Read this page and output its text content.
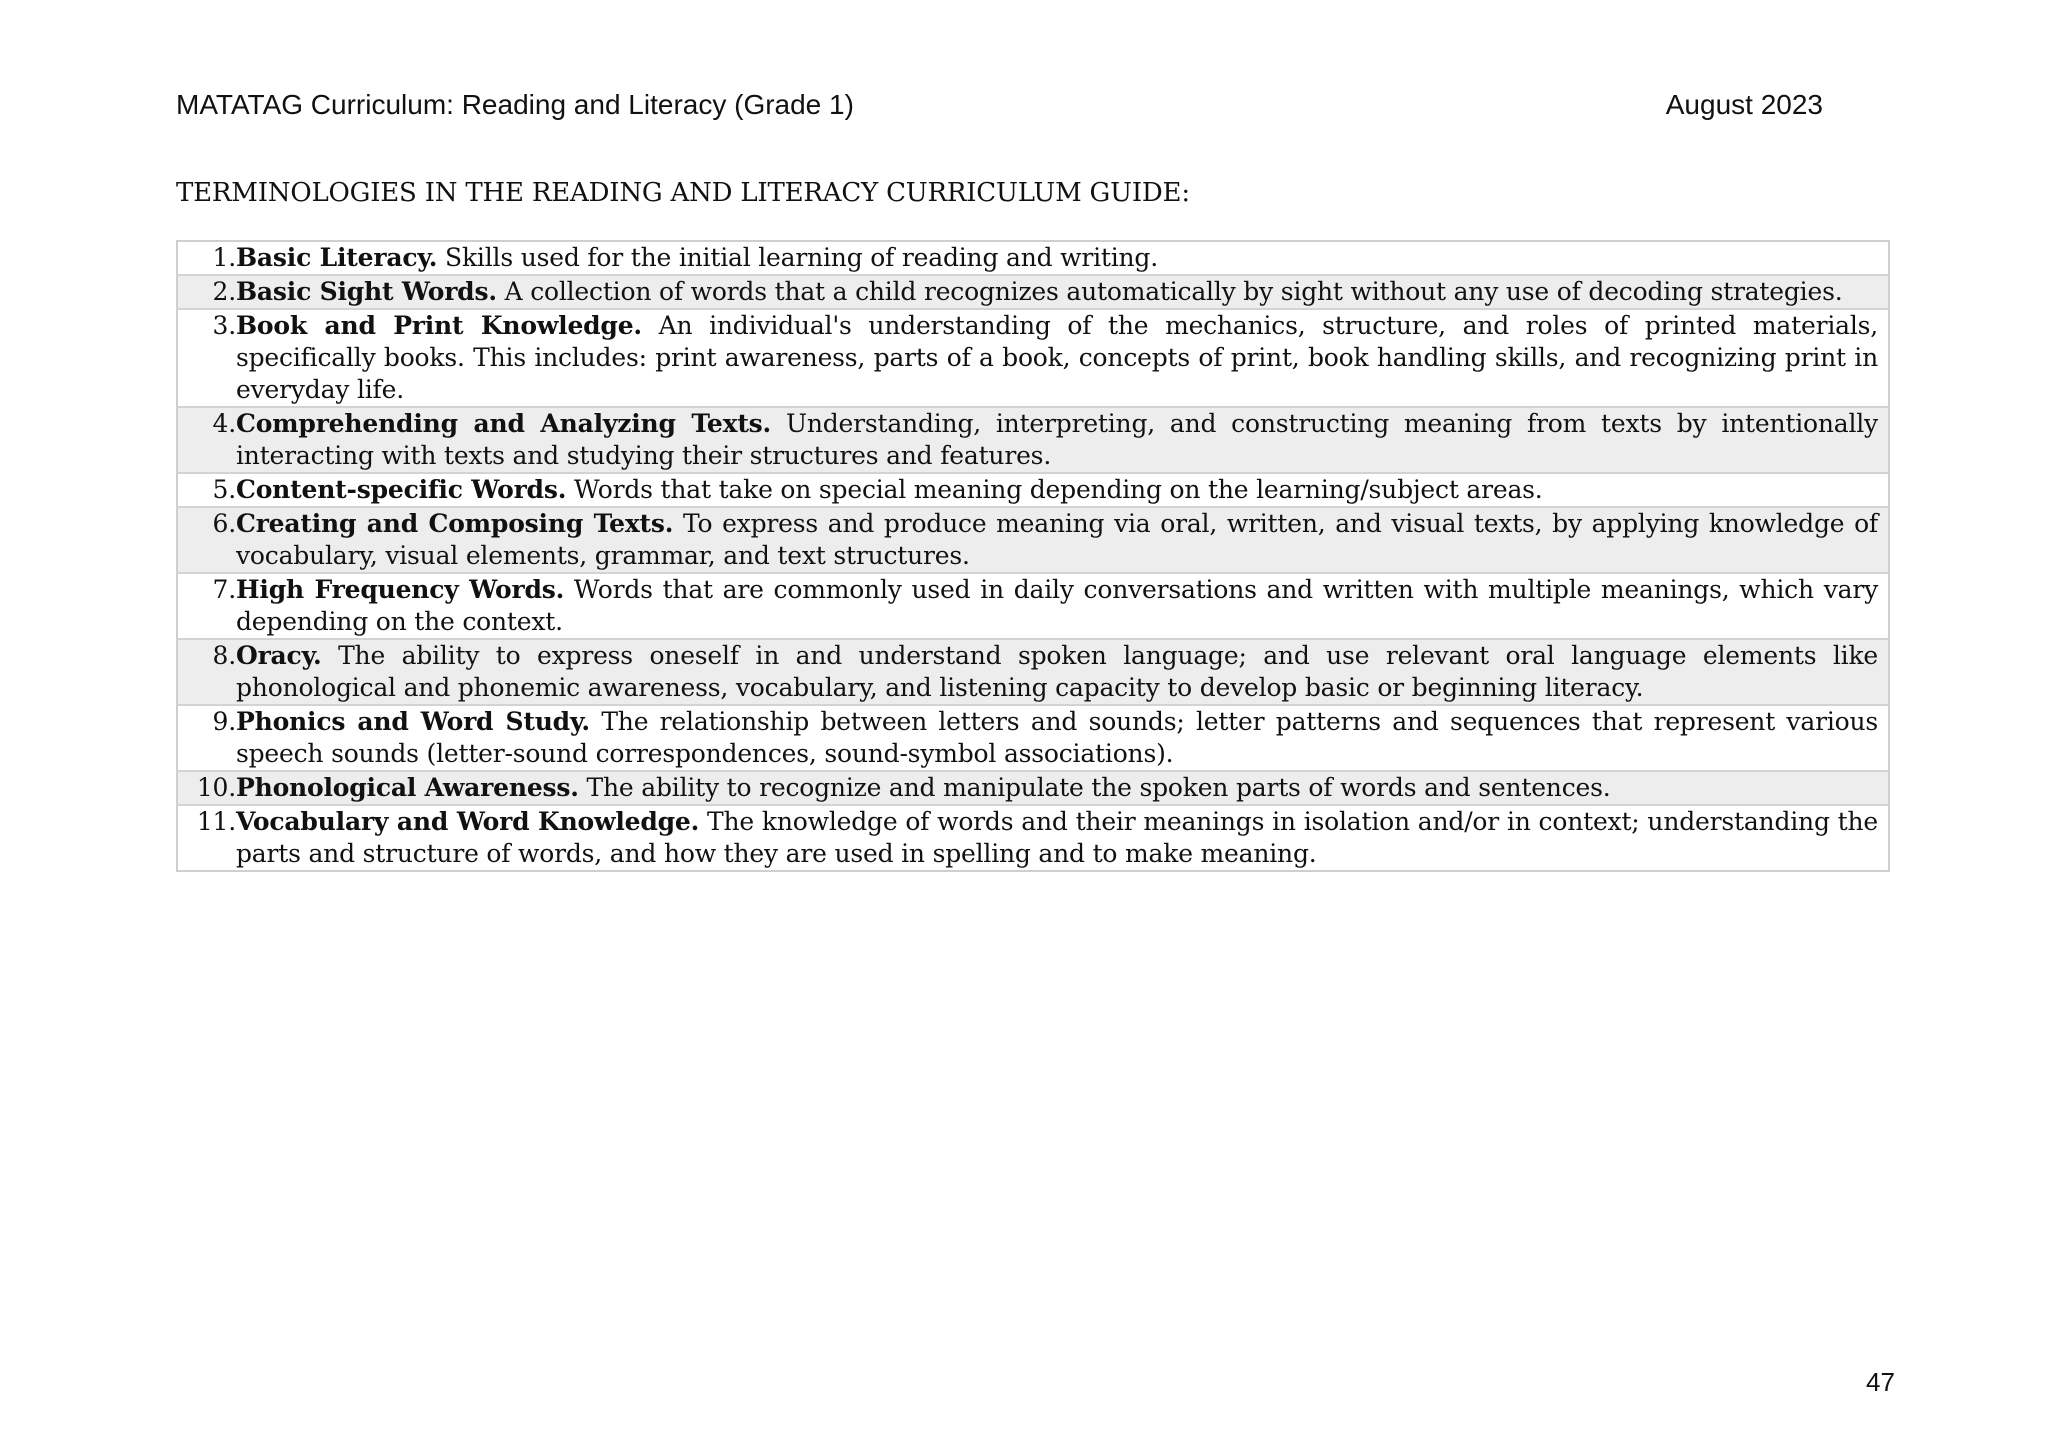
MATATAG Curriculum: Reading and Literacy (Grade 1)	August 2023
TERMINOLOGIES IN THE READING AND LITERACY CURRICULUM GUIDE:
1. Basic Literacy. Skills used for the initial learning of reading and writing.
2. Basic Sight Words. A collection of words that a child recognizes automatically by sight without any use of decoding strategies.
3. Book and Print Knowledge. An individual's understanding of the mechanics, structure, and roles of printed materials, specifically books. This includes: print awareness, parts of a book, concepts of print, book handling skills, and recognizing print in everyday life.
4. Comprehending and Analyzing Texts. Understanding, interpreting, and constructing meaning from texts by intentionally interacting with texts and studying their structures and features.
5. Content-specific Words. Words that take on special meaning depending on the learning/subject areas.
6. Creating and Composing Texts. To express and produce meaning via oral, written, and visual texts, by applying knowledge of vocabulary, visual elements, grammar, and text structures.
7. High Frequency Words. Words that are commonly used in daily conversations and written with multiple meanings, which vary depending on the context.
8. Oracy. The ability to express oneself in and understand spoken language; and use relevant oral language elements like phonological and phonemic awareness, vocabulary, and listening capacity to develop basic or beginning literacy.
9. Phonics and Word Study. The relationship between letters and sounds; letter patterns and sequences that represent various speech sounds (letter-sound correspondences, sound-symbol associations).
10. Phonological Awareness. The ability to recognize and manipulate the spoken parts of words and sentences.
11. Vocabulary and Word Knowledge. The knowledge of words and their meanings in isolation and/or in context; understanding the parts and structure of words, and how they are used in spelling and to make meaning.
47
